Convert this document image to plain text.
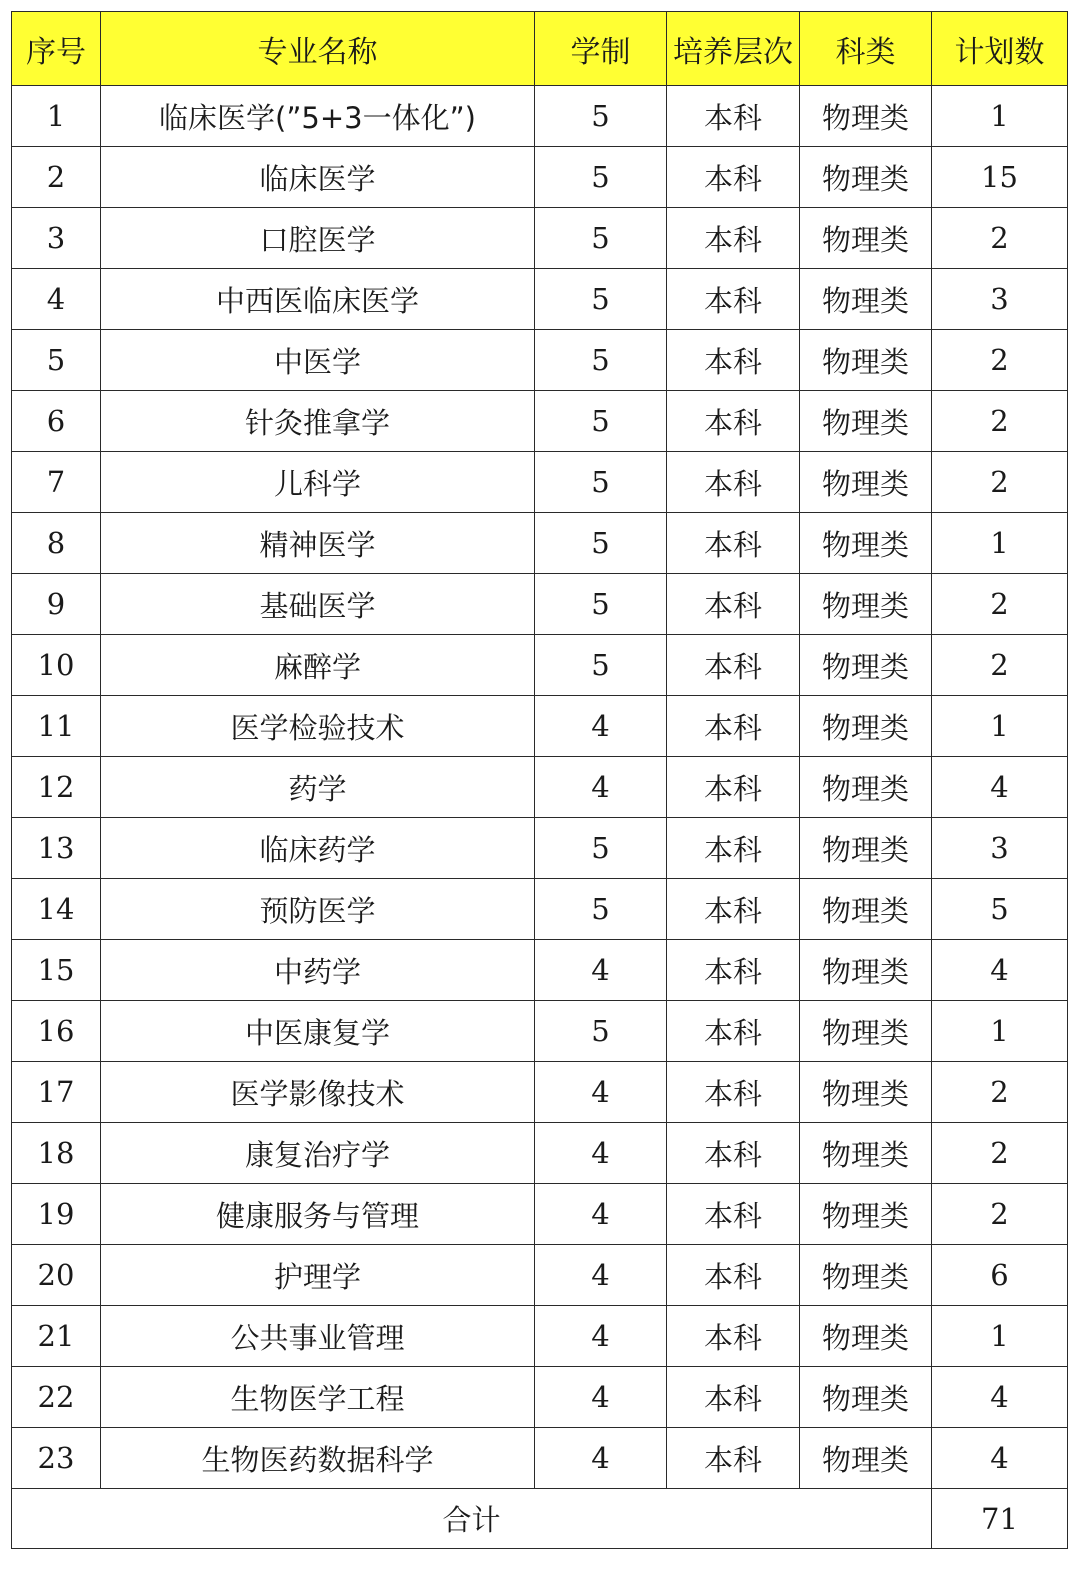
序号	专业名称	学制	培养层次	科类	计划数
1	临床医学(”5+3一体化”)	5	本科	物理类	1
2	临床医学	5	本科	物理类	15
3	口腔医学	5	本科	物理类	2
4	中西医临床医学	5	本科	物理类	3
5	中医学	5	本科	物理类	2
6	针灸推拿学	5	本科	物理类	2
7	儿科学	5	本科	物理类	2
8	精神医学	5	本科	物理类	1
9	基础医学	5	本科	物理类	2
10	麻醉学	5	本科	物理类	2
11	医学检验技术	4	本科	物理类	1
12	药学	4	本科	物理类	4
13	临床药学	5	本科	物理类	3
14	预防医学	5	本科	物理类	5
15	中药学	4	本科	物理类	4
16	中医康复学	5	本科	物理类	1
17	医学影像技术	4	本科	物理类	2
18	康复治疗学	4	本科	物理类	2
19	健康服务与管理	4	本科	物理类	2
20	护理学	4	本科	物理类	6
21	公共事业管理	4	本科	物理类	1
22	生物医学工程	4	本科	物理类	4
23	生物医药数据科学	4	本科	物理类	4
合计					71
